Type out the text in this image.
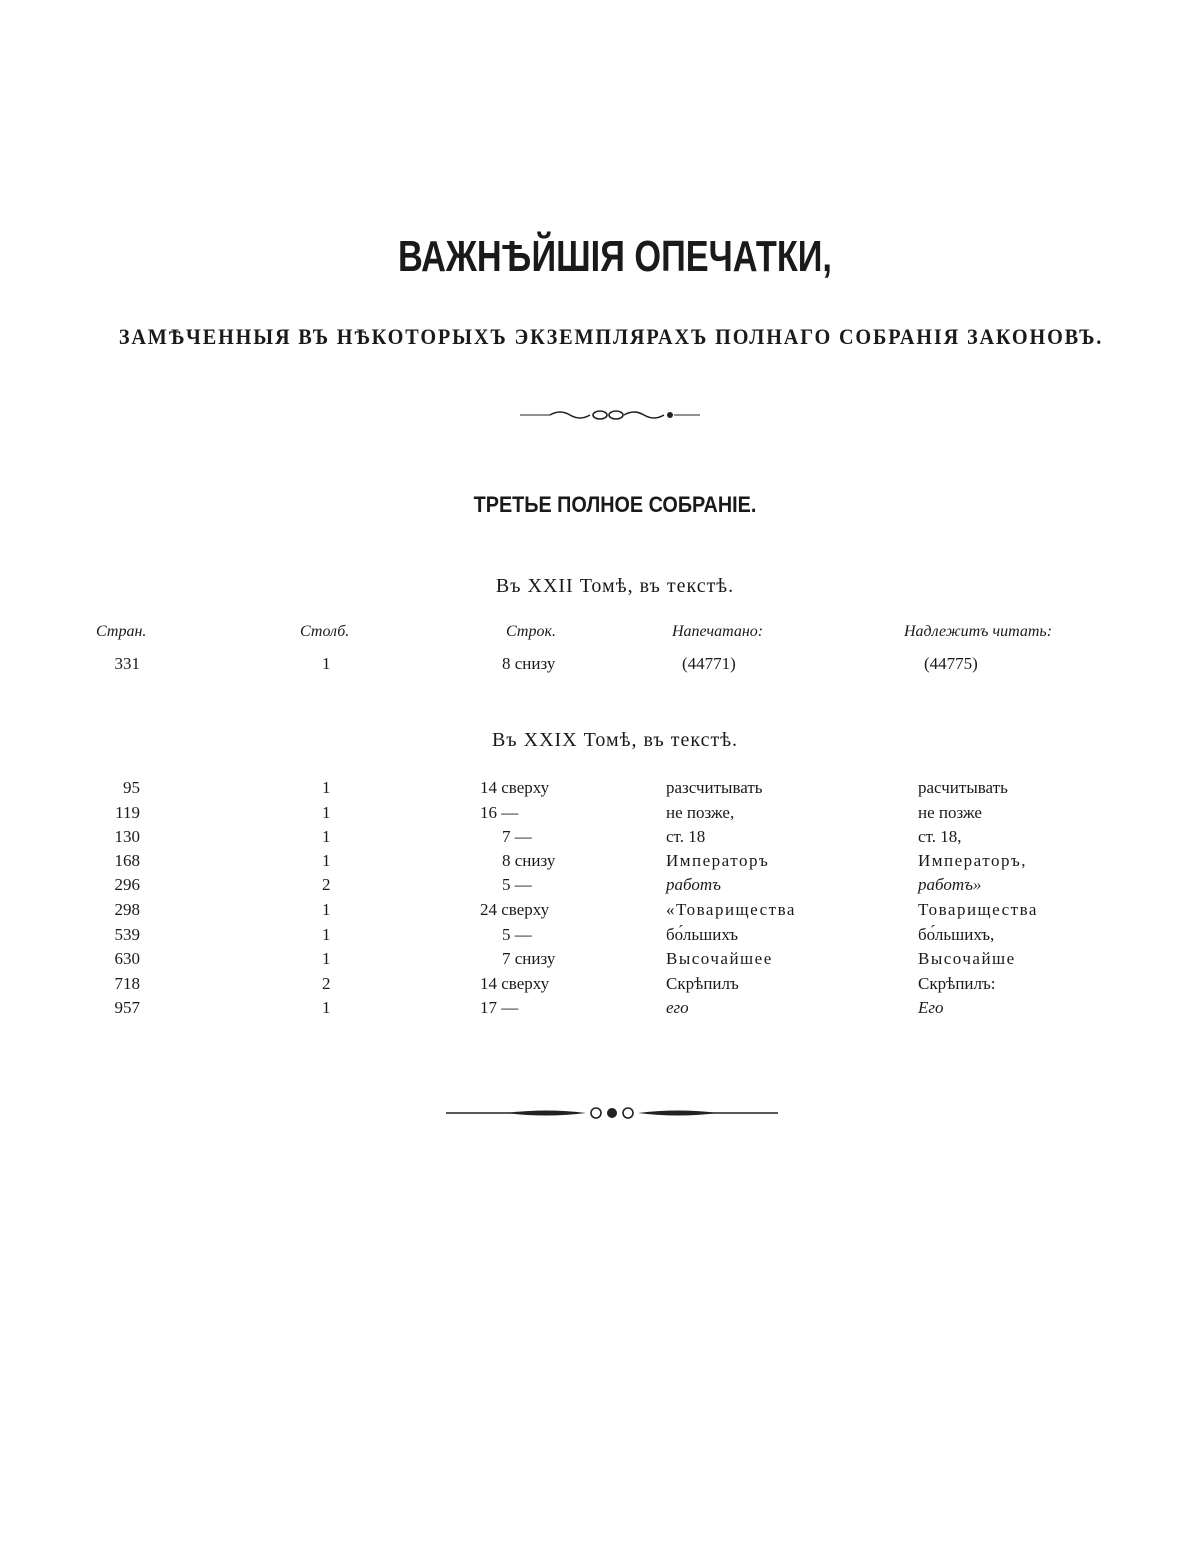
ВАЖНѢЙШІЯ ОПЕЧАТКИ,
ЗАМѢЧЕННЫЯ ВЪ НѢКОТОРЫХЪ ЭКЗЕМПЛЯРАХЪ ПОЛНАГО СОБРАНІЯ ЗАКОНОВЪ.
ТРЕТЬЕ ПОЛНОЕ СОБРАНІЕ.
Въ XXII Томѣ, въ текстѣ.
Стран.	Столб.	Строк.	Напечатано:	Надлежитъ читать:
331	1	8 снизу	(44771)	(44775)
Въ XXIX Томѣ, въ текстѣ.
95	1	14 сверху	разсчитывать	расчитывать
119	1	16 —	не позже,	не позже
130	1	7 —	ст. 18	ст. 18,
168	1	8 снизу	Императоръ	Императоръ,
296	2	5 —	работъ	работъ»
298	1	24 сверху	«Товарищества	Товарищества
539	1	5 —	бо́льшихъ	бо́льшихъ,
630	1	7 снизу	Высочайшее	Высочайше
718	2	14 сверху	Скрѣпилъ	Скрѣпилъ:
957	1	17 —	его	Его
